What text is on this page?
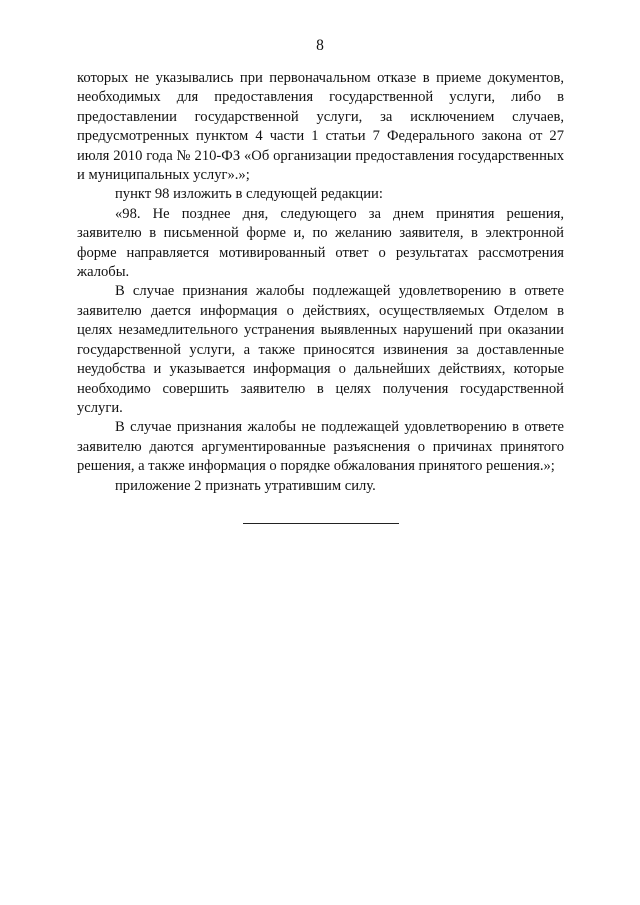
8

которых не указывались при первоначальном отказе в приеме документов, необходимых для предоставления государственной услуги, либо в предоставлении государственной услуги, за исключением случаев, предусмотренных пунктом 4 части 1 статьи 7 Федерального закона от 27 июля 2010 года № 210-ФЗ «Об организации предоставления государственных и муниципальных услуг».»;

пункт 98 изложить в следующей редакции:

«98. Не позднее дня, следующего за днем принятия решения, заявителю в письменной форме и, по желанию заявителя, в электронной форме направляется мотивированный ответ о результатах рассмотрения жалобы.

В случае признания жалобы подлежащей удовлетворению в ответе заявителю дается информация о действиях, осуществляемых Отделом в целях незамедлительного устранения выявленных нарушений при оказании государственной услуги, а также приносятся извинения за доставленные неудобства и указывается информация о дальнейших действиях, которые необходимо совершить заявителю в целях получения государственной услуги.

В случае признания жалобы не подлежащей удовлетворению в ответе заявителю даются аргументированные разъяснения о причинах принятого решения, а также информация о порядке обжалования принятого решения.»;

приложение 2 признать утратившим силу.
